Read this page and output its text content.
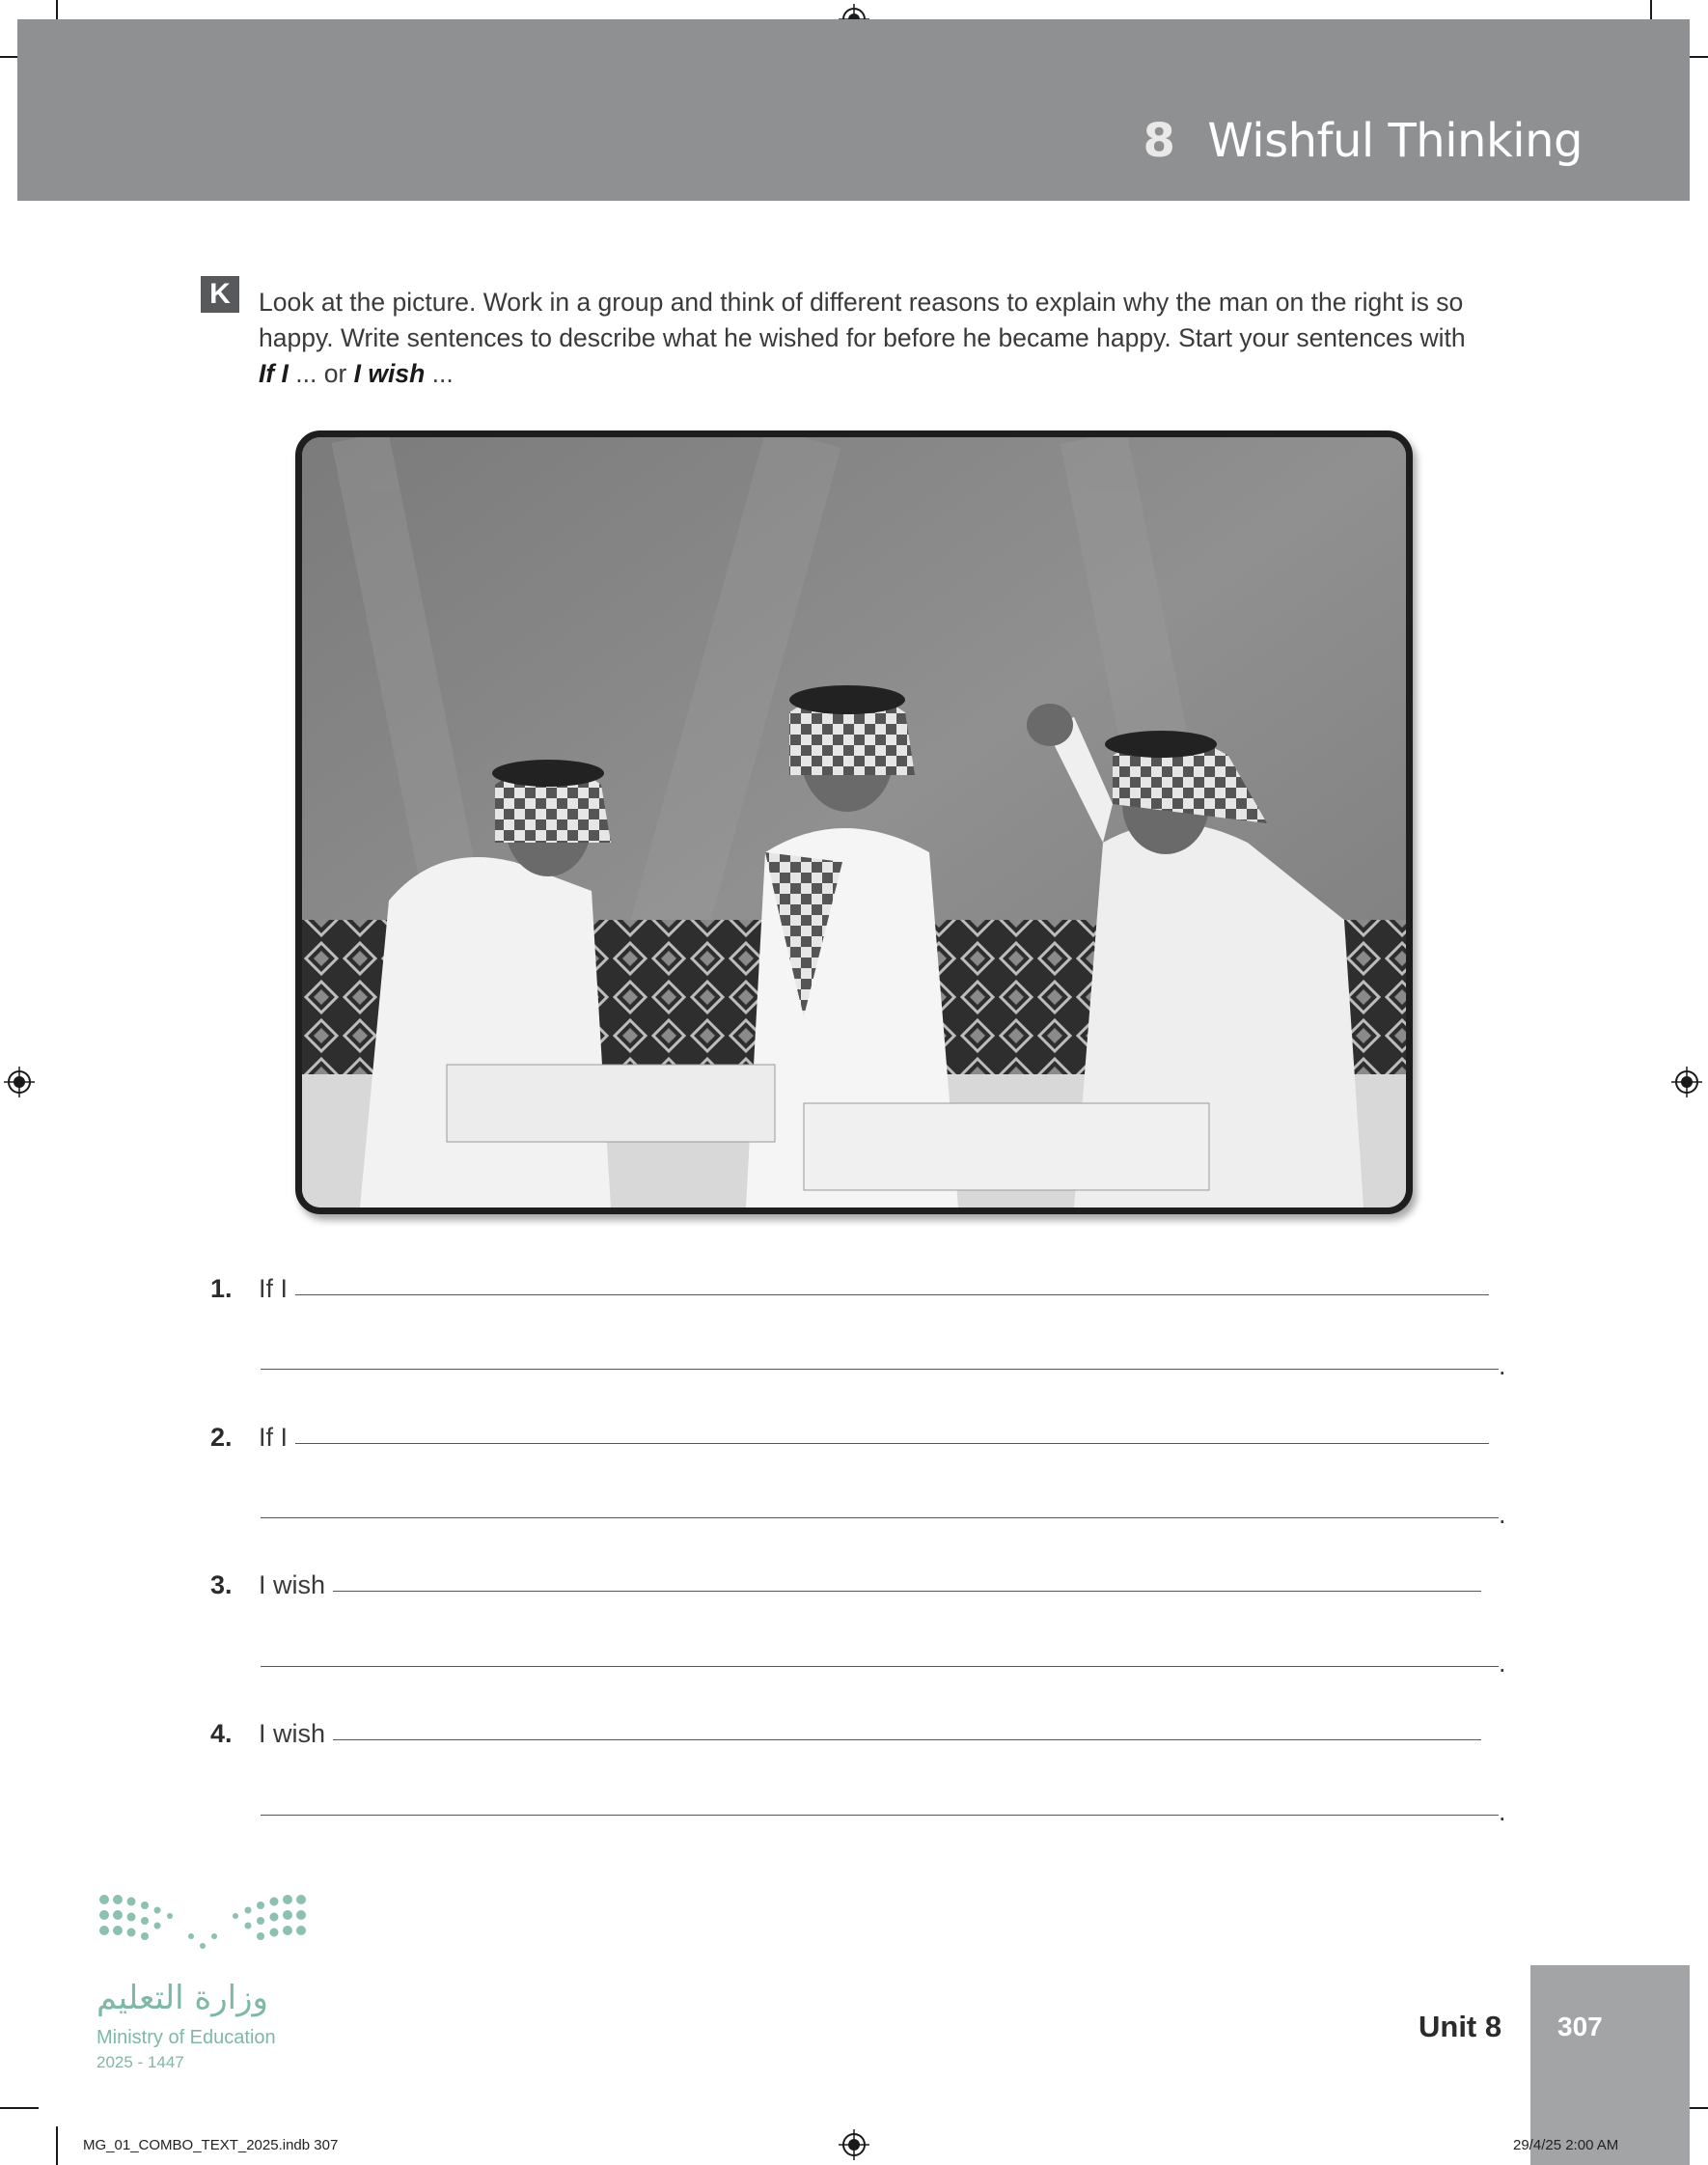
8 Wishful Thinking
K	Look at the picture. Work in a group and think of different reasons to explain why the man on the right is so happy. Write sentences to describe what he wished for before he became happy. Start your sentences with If I ... or I wish ...
1. If I
.
2. If I
.
3. I wish
.
4. I wish
.
وزارة التعليم
Ministry of Education
2025 - 1447
Unit 8 307
MG_01_COMBO_TEXT_2025.indb 307	29/4/25 2:00 AM
